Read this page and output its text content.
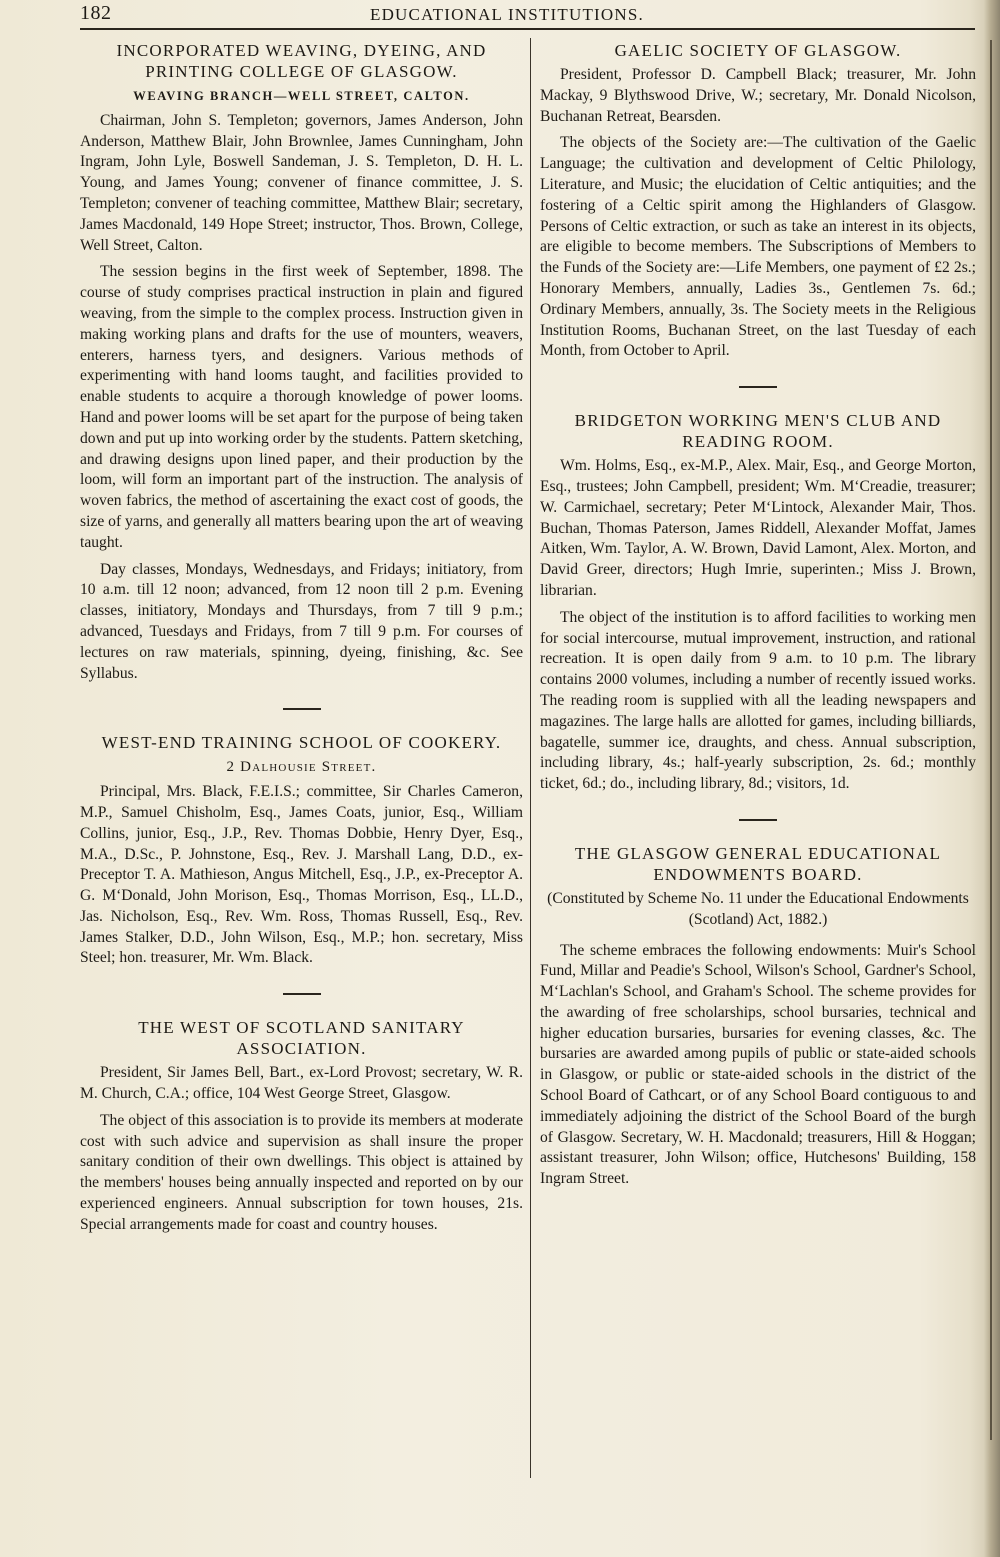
182	EDUCATIONAL INSTITUTIONS.
INCORPORATED WEAVING, DYEING, AND PRINTING COLLEGE OF GLASGOW.
WEAVING BRANCH—WELL STREET, CALTON.

Chairman, John S. Templeton; governors, James Anderson, John Anderson, Matthew Blair, John Brownlee, James Cunningham, John Ingram, John Lyle, Boswell Sandeman, J. S. Templeton, D. H. L. Young, and James Young; convener of finance committee, J. S. Templeton; convener of teaching committee, Matthew Blair; secretary, James Macdonald, 149 Hope Street; instructor, Thos. Brown, College, Well Street, Calton.

The session begins in the first week of September, 1898. The course of study comprises practical instruction in plain and figured weaving, from the simple to the complex process. Instruction given in making working plans and drafts for the use of mounters, weavers, enterers, harness tyers, and designers. Various methods of experimenting with hand looms taught, and facilities provided to enable students to acquire a thorough knowledge of power looms. Hand and power looms will be set apart for the purpose of being taken down and put up into working order by the students. Pattern sketching, and drawing designs upon lined paper, and their production by the loom, will form an important part of the instruction. The analysis of woven fabrics, the method of ascertaining the exact cost of goods, the size of yarns, and generally all matters bearing upon the art of weaving taught.

Day classes, Mondays, Wednesdays, and Fridays; initiatory, from 10 a.m. till 12 noon; advanced, from 12 noon till 2 p.m. Evening classes, initiatory, Mondays and Thursdays, from 7 till 9 p.m.; advanced, Tuesdays and Fridays, from 7 till 9 p.m. For courses of lectures on raw materials, spinning, dyeing, finishing, &c. See Syllabus.

WEST-END TRAINING SCHOOL OF COOKERY.
2 Dalhousie Street.

Principal, Mrs. Black, F.E.I.S.; committee, Sir Charles Cameron, M.P., Samuel Chisholm, Esq., James Coats, junior, Esq., William Collins, junior, Esq., J.P., Rev. Thomas Dobbie, Henry Dyer, Esq., M.A., D.Sc., P. Johnstone, Esq., Rev. J. Marshall Lang, D.D., ex-Preceptor T. A. Mathieson, Angus Mitchell, Esq., J.P., ex-Preceptor A. G. M‘Donald, John Morison, Esq., Thomas Morrison, Esq., LL.D., Jas. Nicholson, Esq., Rev. Wm. Ross, Thomas Russell, Esq., Rev. James Stalker, D.D., John Wilson, Esq., M.P.; hon. secretary, Miss Steel; hon. treasurer, Mr. Wm. Black.

THE WEST OF SCOTLAND SANITARY ASSOCIATION.

President, Sir James Bell, Bart., ex-Lord Provost; secretary, W. R. M. Church, C.A.; office, 104 West George Street, Glasgow.

The object of this association is to provide its members at moderate cost with such advice and supervision as shall insure the proper sanitary condition of their own dwellings. This object is attained by the members' houses being annually inspected and reported on by our experienced engineers. Annual subscription for town houses, 21s. Special arrangements made for coast and country houses.

GAELIC SOCIETY OF GLASGOW.

President, Professor D. Campbell Black; treasurer, Mr. John Mackay, 9 Blythswood Drive, W.; secretary, Mr. Donald Nicolson, Buchanan Retreat, Bearsden.

The objects of the Society are:—The cultivation of the Gaelic Language; the cultivation and development of Celtic Philology, Literature, and Music; the elucidation of Celtic antiquities; and the fostering of a Celtic spirit among the Highlanders of Glasgow. Persons of Celtic extraction, or such as take an interest in its objects, are eligible to become members. The Subscriptions of Members to the Funds of the Society are:—Life Members, one payment of £2 2s.; Honorary Members, annually, Ladies 3s., Gentlemen 7s. 6d.; Ordinary Members, annually, 3s. The Society meets in the Religious Institution Rooms, Buchanan Street, on the last Tuesday of each Month, from October to April.

BRIDGETON WORKING MEN'S CLUB AND READING ROOM.

Wm. Holms, Esq., ex-M.P., Alex. Mair, Esq., and George Morton, Esq., trustees; John Campbell, president; Wm. M‘Creadie, treasurer; W. Carmichael, secretary; Peter M‘Lintock, Alexander Mair, Thos. Buchan, Thomas Paterson, James Riddell, Alexander Moffat, James Aitken, Wm. Taylor, A. W. Brown, David Lamont, Alex. Morton, and David Greer, directors; Hugh Imrie, superinten.; Miss J. Brown, librarian.

The object of the institution is to afford facilities to working men for social intercourse, mutual improvement, instruction, and rational recreation. It is open daily from 9 a.m. to 10 p.m. The library contains 2000 volumes, including a number of recently issued works. The reading room is supplied with all the leading newspapers and magazines. The large halls are allotted for games, including billiards, bagatelle, summer ice, draughts, and chess. Annual subscription, including library, 4s.; half-yearly subscription, 2s. 6d.; monthly ticket, 6d.; do., including library, 8d.; visitors, 1d.

THE GLASGOW GENERAL EDUCATIONAL ENDOWMENTS BOARD.

(Constituted by Scheme No. 11 under the Educational Endowments (Scotland) Act, 1882.)

The scheme embraces the following endowments: Muir's School Fund, Millar and Peadie's School, Wilson's School, Gardner's School, M‘Lachlan's School, and Graham's School. The scheme provides for the awarding of free scholarships, school bursaries, technical and higher education bursaries, bursaries for evening classes, &c. The bursaries are awarded among pupils of public or state-aided schools in Glasgow, or public or state-aided schools in the district of the School Board of Cathcart, or of any School Board contiguous to and immediately adjoining the district of the School Board of the burgh of Glasgow. Secretary, W. H. Macdonald; treasurers, Hill & Hoggan; assistant treasurer, John Wilson; office, Hutchesons' Building, 158 Ingram Street.
